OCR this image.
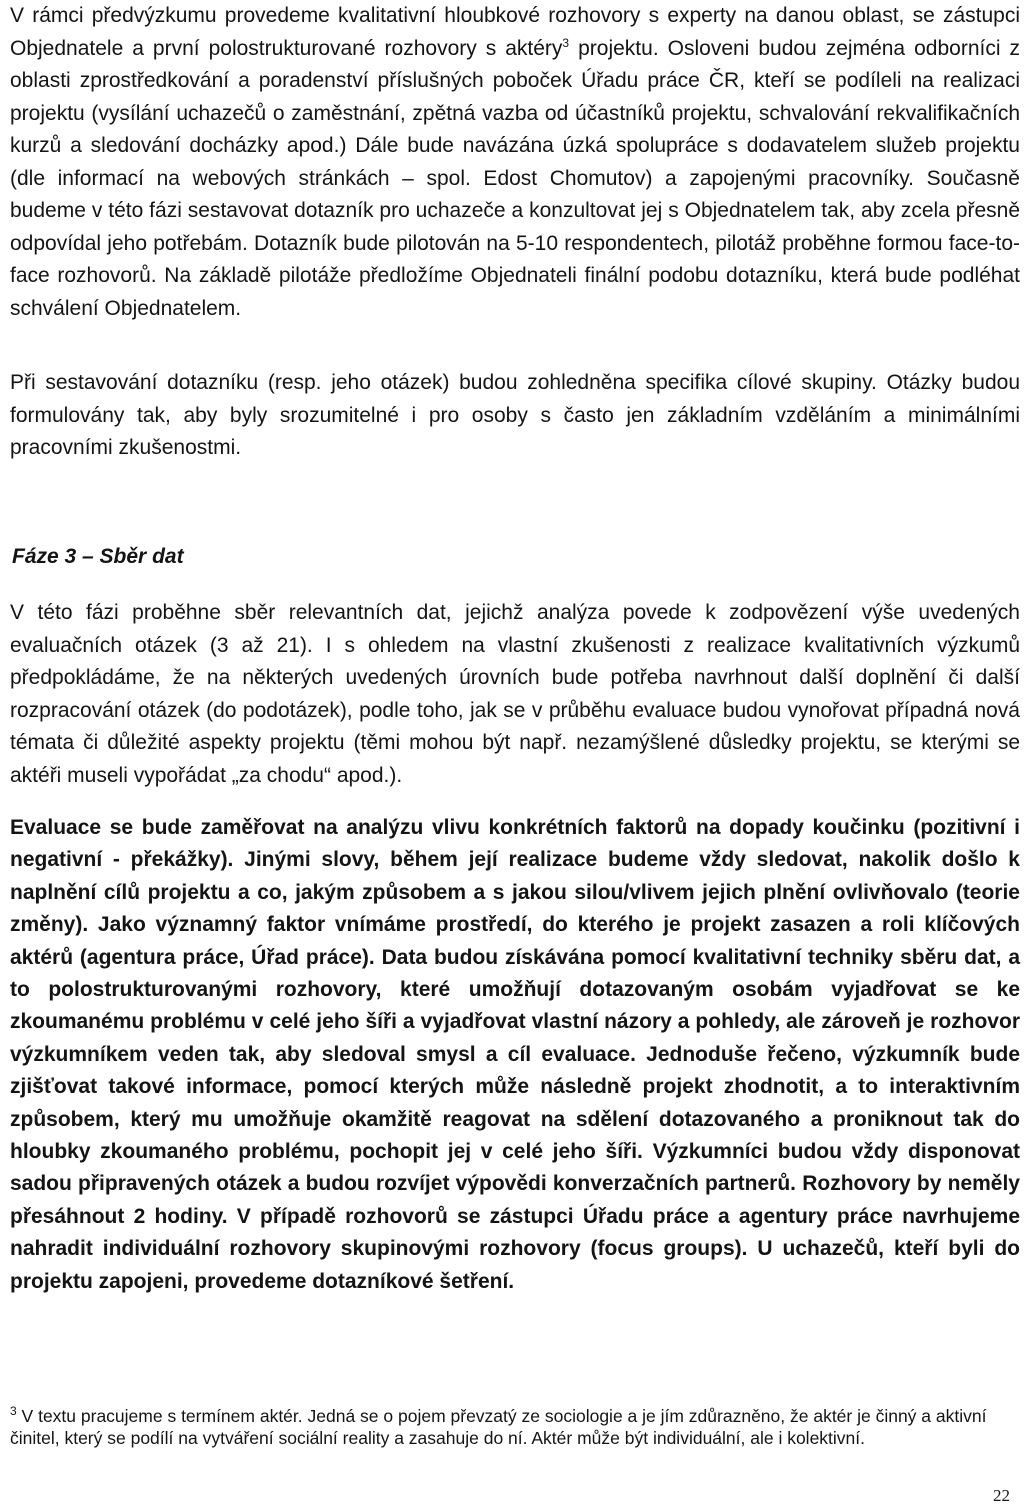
V rámci předvýzkumu provedeme kvalitativní hloubkové rozhovory s experty na danou oblast, se zástupci Objednatele a první polostrukturované rozhovory s aktéry$^3$ projektu. Osloveni budou zejména odborníci z oblasti zprostředkování a poradenství příslušných poboček Úřadu práce ČR, kteří se podíleli na realizaci projektu (vysílání uchazečů o zaměstnání, zpětná vazba od účastníků projektu, schvalování rekvalifikačních kurzů a sledování docházky apod.) Dále bude navázána úzká spolupráce s dodavatelem služeb projektu (dle informací na webových stránkách – spol. Edost Chomutov) a zapojenými pracovníky. Současně budeme v této fázi sestavovat dotazník pro uchazeče a konzultovat jej s Objednatelem tak, aby zcela přesně odpovídal jeho potřebám. Dotazník bude pilotován na 5-10 respondentech, pilotáž proběhne formou face-to-face rozhovorů. Na základě pilotáže předložíme Objednateli finální podobu dotazníku, která bude podléhat schválení Objednatelem.

Při sestavování dotazníku (resp. jeho otázek) budou zohledněna specifika cílové skupiny. Otázky budou formulovány tak, aby byly srozumitelné i pro osoby s často jen základním vzděláním a minimálními pracovními zkušenostmi.

Fáze 3 – Sběr dat

V této fázi proběhne sběr relevantních dat, jejichž analýza povede k zodpovězení výše uvedených evaluačních otázek (3 až 21). I s ohledem na vlastní zkušenosti z realizace kvalitativních výzkumů předpokládáme, že na některých uvedených úrovních bude potřeba navrhnout další doplnění či další rozpracování otázek (do podotázek), podle toho, jak se v průběhu evaluace budou vynořovat případná nová témata či důležité aspekty projektu (těmi mohou být např. nezamýšlené důsledky projektu, se kterými se aktéři museli vypořádat „za chodu“ apod.).

Evaluace se bude zaměřovat na analýzu vlivu konkrétních faktorů na dopady koučinku (pozitivní i negativní - překážky). Jinými slovy, během její realizace budeme vždy sledovat, nakolik došlo k naplnění cílů projektu a co, jakým způsobem a s jakou silou/vlivem jejich plnění ovlivňovalo (teorie změny). Jako významný faktor vnímáme prostředí, do kterého je projekt zasazen a roli klíčových aktérů (agentura práce, Úřad práce). Data budou získávána pomocí kvalitativní techniky sběru dat, a to polostrukturovanými rozhovory, které umožňují dotazovaným osobám vyjadřovat se ke zkoumanému problému v celé jeho šíři a vyjadřovat vlastní názory a pohledy, ale zároveň je rozhovor výzkumníkem veden tak, aby sledoval smysl a cíl evaluace. Jednoduše řečeno, výzkumník bude zjišťovat takové informace, pomocí kterých může následně projekt zhodnotit, a to interaktivním způsobem, který mu umožňuje okamžitě reagovat na sdělení dotazovaného a proniknout tak do hloubky zkoumaného problému, pochopit jej v celé jeho šíři. Výzkumníci budou vždy disponovat sadou připravených otázek a budou rozvíjet výpovědi konverzačních partnerů. Rozhovory by neměly přesáhnout 2 hodiny. V případě rozhovorů se zástupci Úřadu práce a agentury práce navrhujeme nahradit individuální rozhovory skupinovými rozhovory (focus groups). U uchazečů, kteří byli do projektu zapojeni, provedeme dotazníkové šetření.

$^3$ V textu pracujeme s termínem aktér. Jedná se o pojem převzatý ze sociologie a je jím zdůrazněno, že aktér je činný a aktivní činitel, který se podílí na vytváření sociální reality a zasahuje do ní. Aktér může být individuální, ale i kolektivní.

22
